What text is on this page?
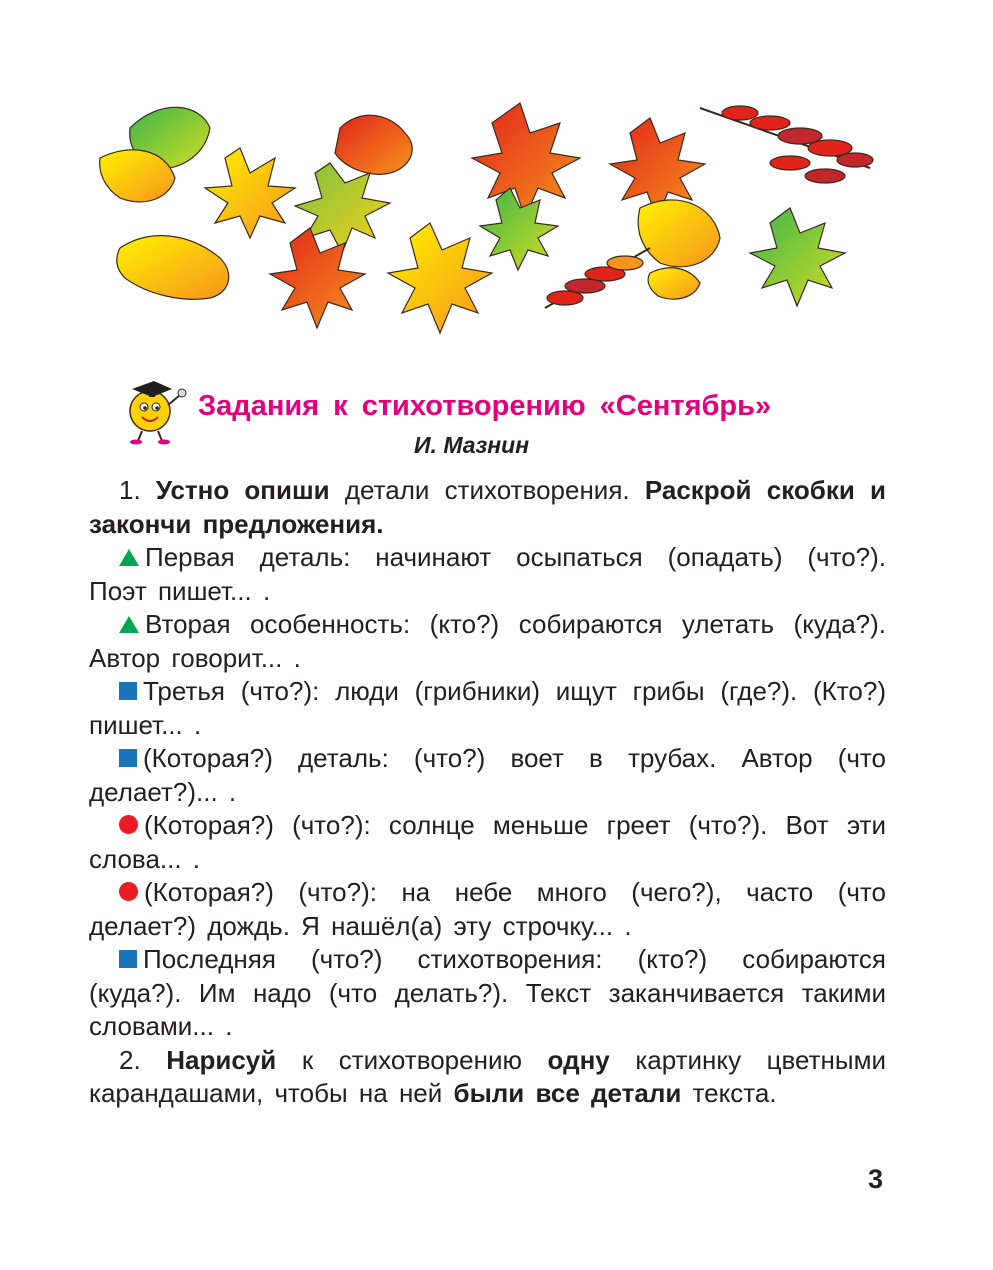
Задания к стихотворению «Сентябрь»
И. Мазнин

1. Устно опиши детали стихотворения. Раскрой скобки и закончи предложения.

Первая деталь: начинают осыпаться (опадать) (что?). Поэт пишет... .

Вторая особенность: (кто?) собираются улетать (куда?). Автор говорит... .

Третья (что?): люди (грибники) ищут грибы (где?). (Кто?) пишет... .

(Которая?) деталь: (что?) воет в трубах. Автор (что делает?)... .

(Которая?) (что?): солнце меньше греет (что?). Вот эти слова... .

(Которая?) (что?): на небе много (чего?), часто (что делает?) дождь. Я нашёл(а) эту строчку... .

Последняя (что?) стихотворения: (кто?) собираются (куда?). Им надо (что делать?). Текст заканчивается такими словами... .

2. Нарисуй к стихотворению одну картинку цветными карандашами, чтобы на ней были все детали текста.

3
